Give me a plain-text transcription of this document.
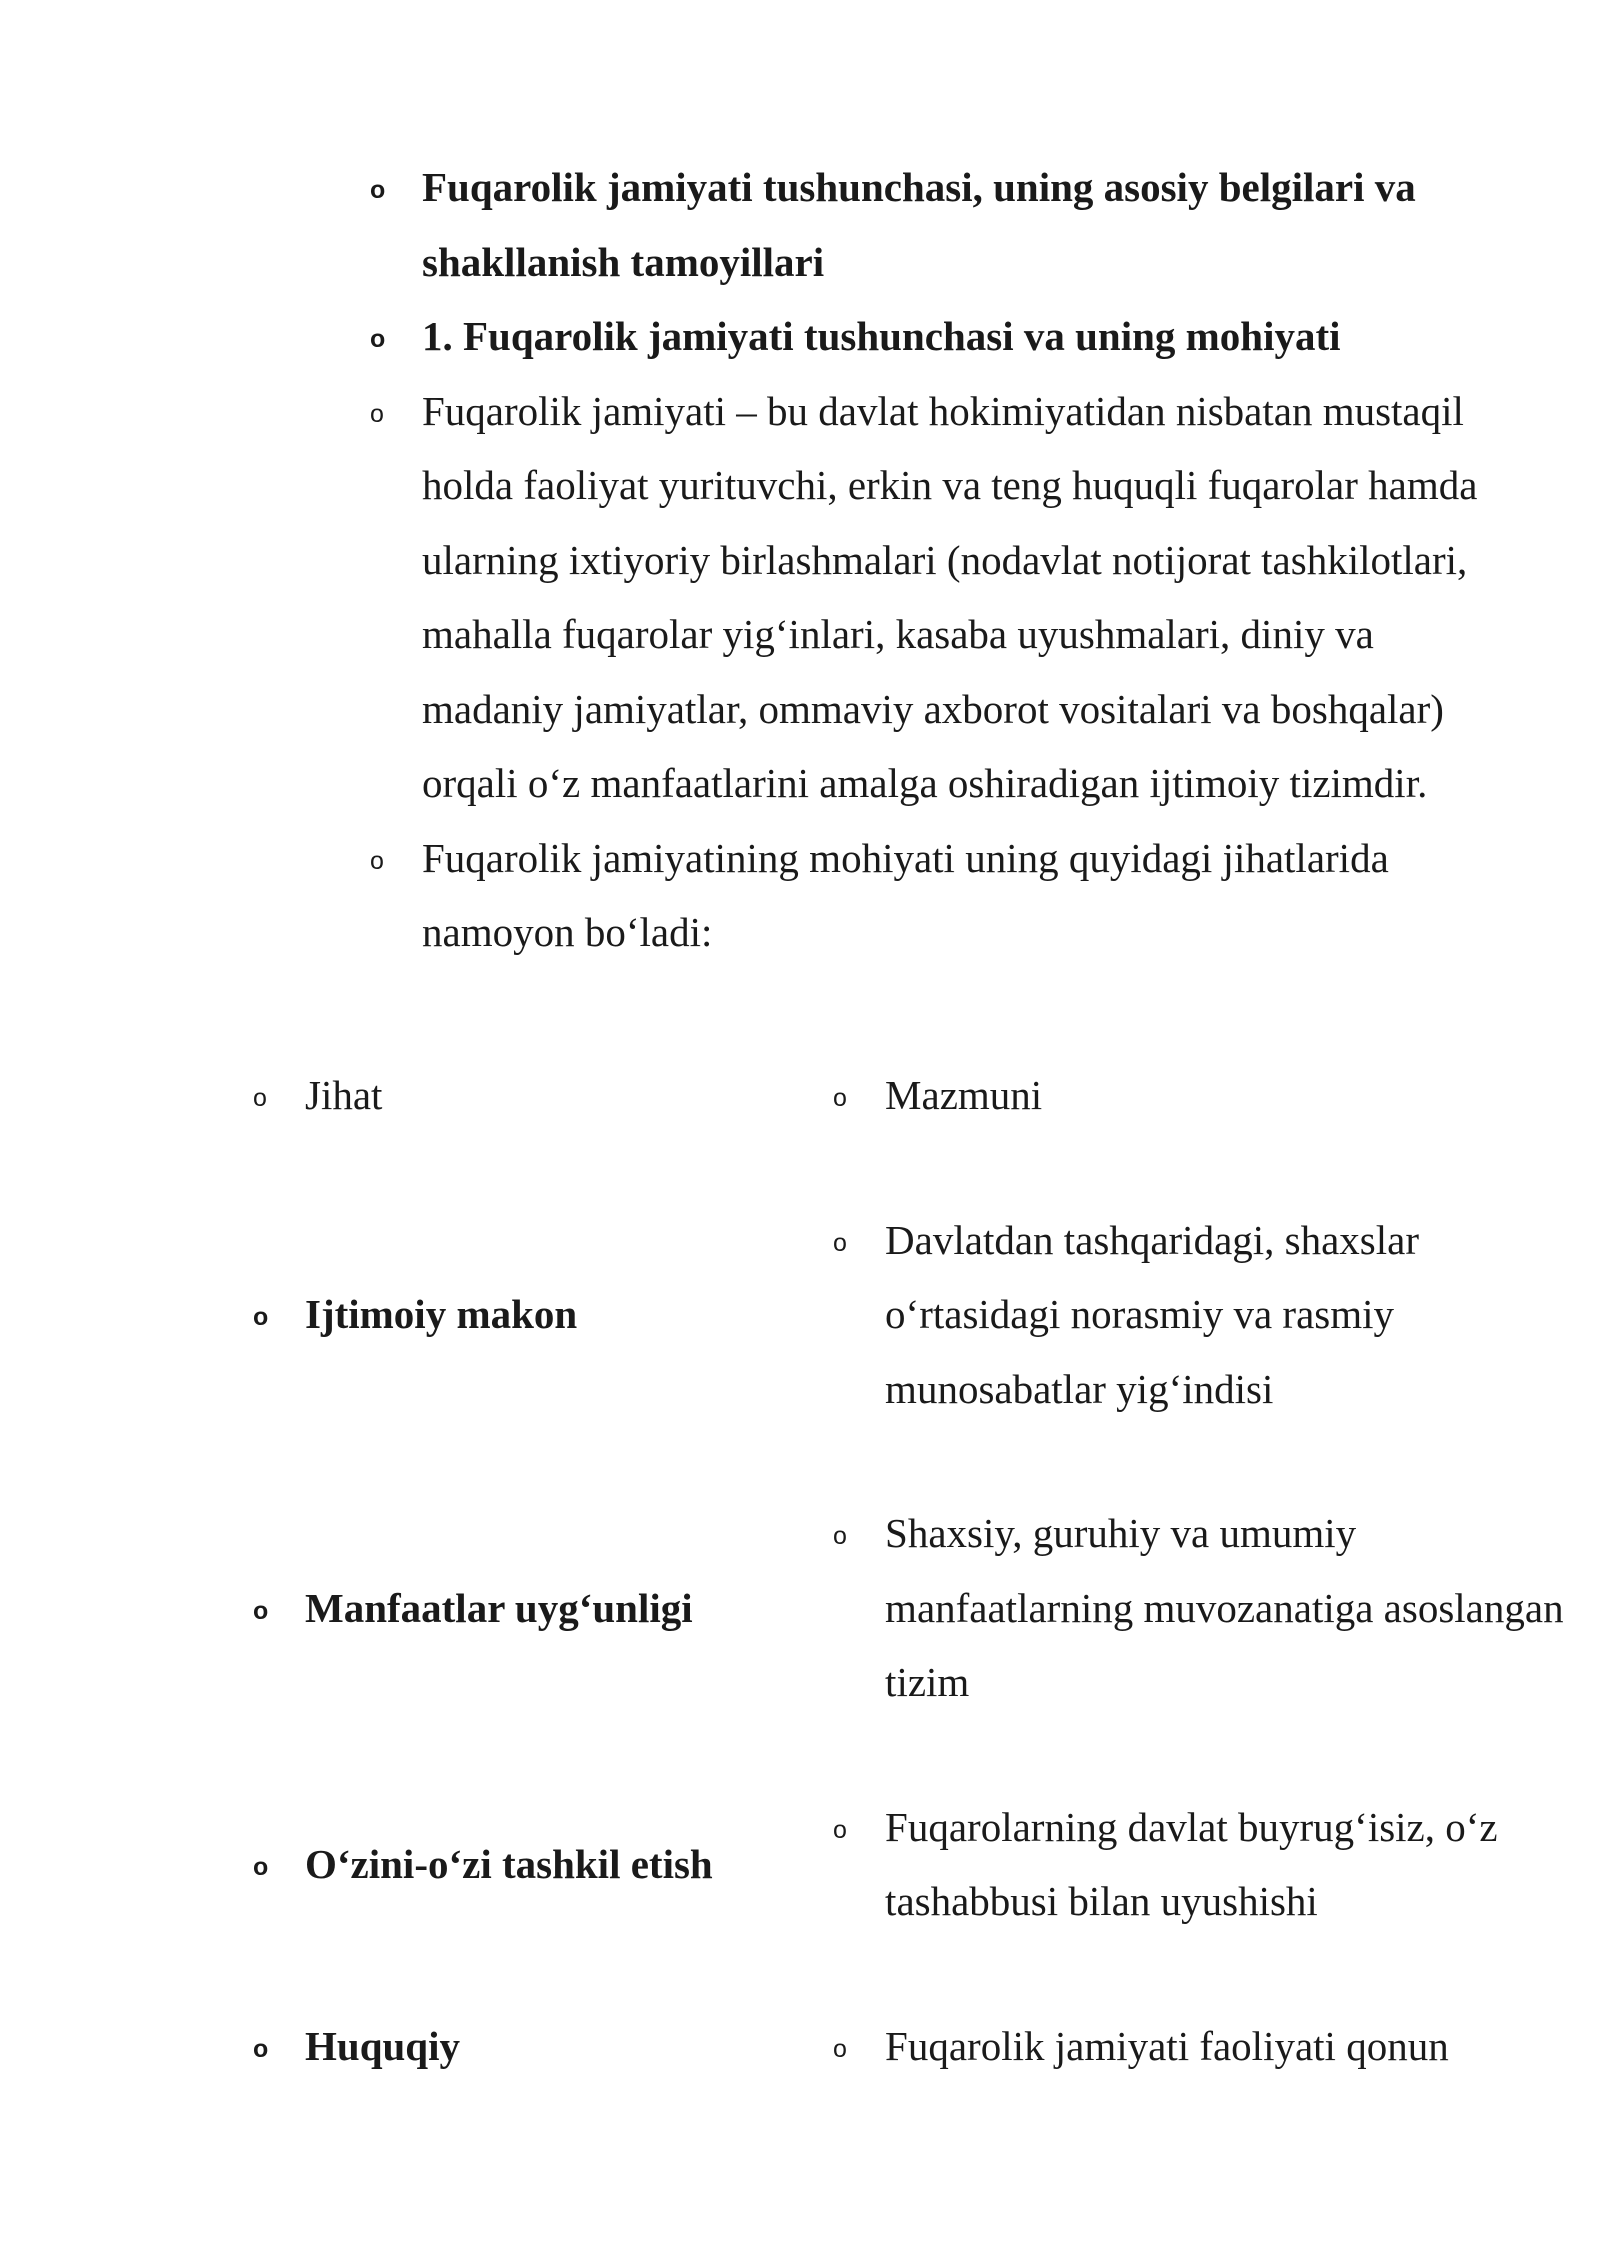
o Fuqarolik jamiyati tushunchasi, uning asosiy belgilari va shakllanish tamoyillari
o 1. Fuqarolik jamiyati tushunchasi va uning mohiyati
o Fuqarolik jamiyati – bu davlat hokimiyatidan nisbatan mustaqil holda faoliyat yurituvchi, erkin va teng huquqli fuqarolar hamda ularning ixtiyoriy birlashmalari (nodavlat notijorat tashkilotlari, mahalla fuqarolar yig‘inlari, kasaba uyushmalari, diniy va madaniy jamiyatlar, ommaviy axborot vositalari va boshqalar) orqali o‘z manfaatlarini amalga oshiradigan ijtimoiy tizimdir.
o Fuqarolik jamiyatining mohiyati uning quyidagi jihatlarida namoyon bo‘ladi:
o Jihat	o Mazmuni
o Ijtimoiy makon
o Davlatdan tashqaridagi, shaxslar o‘rtasidagi norasmiy va rasmiy munosabatlar yig‘indisi
o Manfaatlar uyg‘unligi
o Shaxsiy, guruhiy va umumiy manfaatlarning muvozanatiga asoslangan tizim
o O‘zini-o‘zi tashkil etish
o Fuqarolarning davlat buyrug‘isiz, o‘z tashabbusi bilan uyushishi
o Huquqiy	o Fuqarolik jamiyati faoliyati qonun
